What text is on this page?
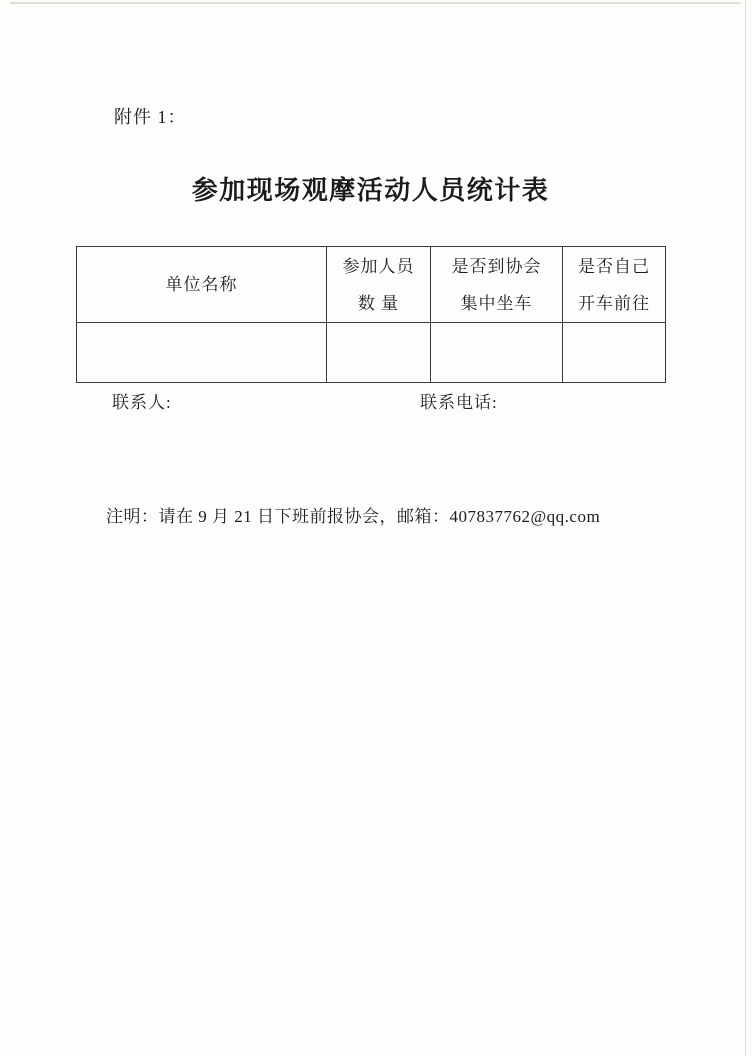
附件 1：
参加现场观摩活动人员统计表
单位名称

参加人员
数 量

是否到协会
集中坐车

是否自己
开车前往

联系人:	联系电话:
注明：请在 9 月 21 日下班前报协会，邮箱：407837762@qq.com
